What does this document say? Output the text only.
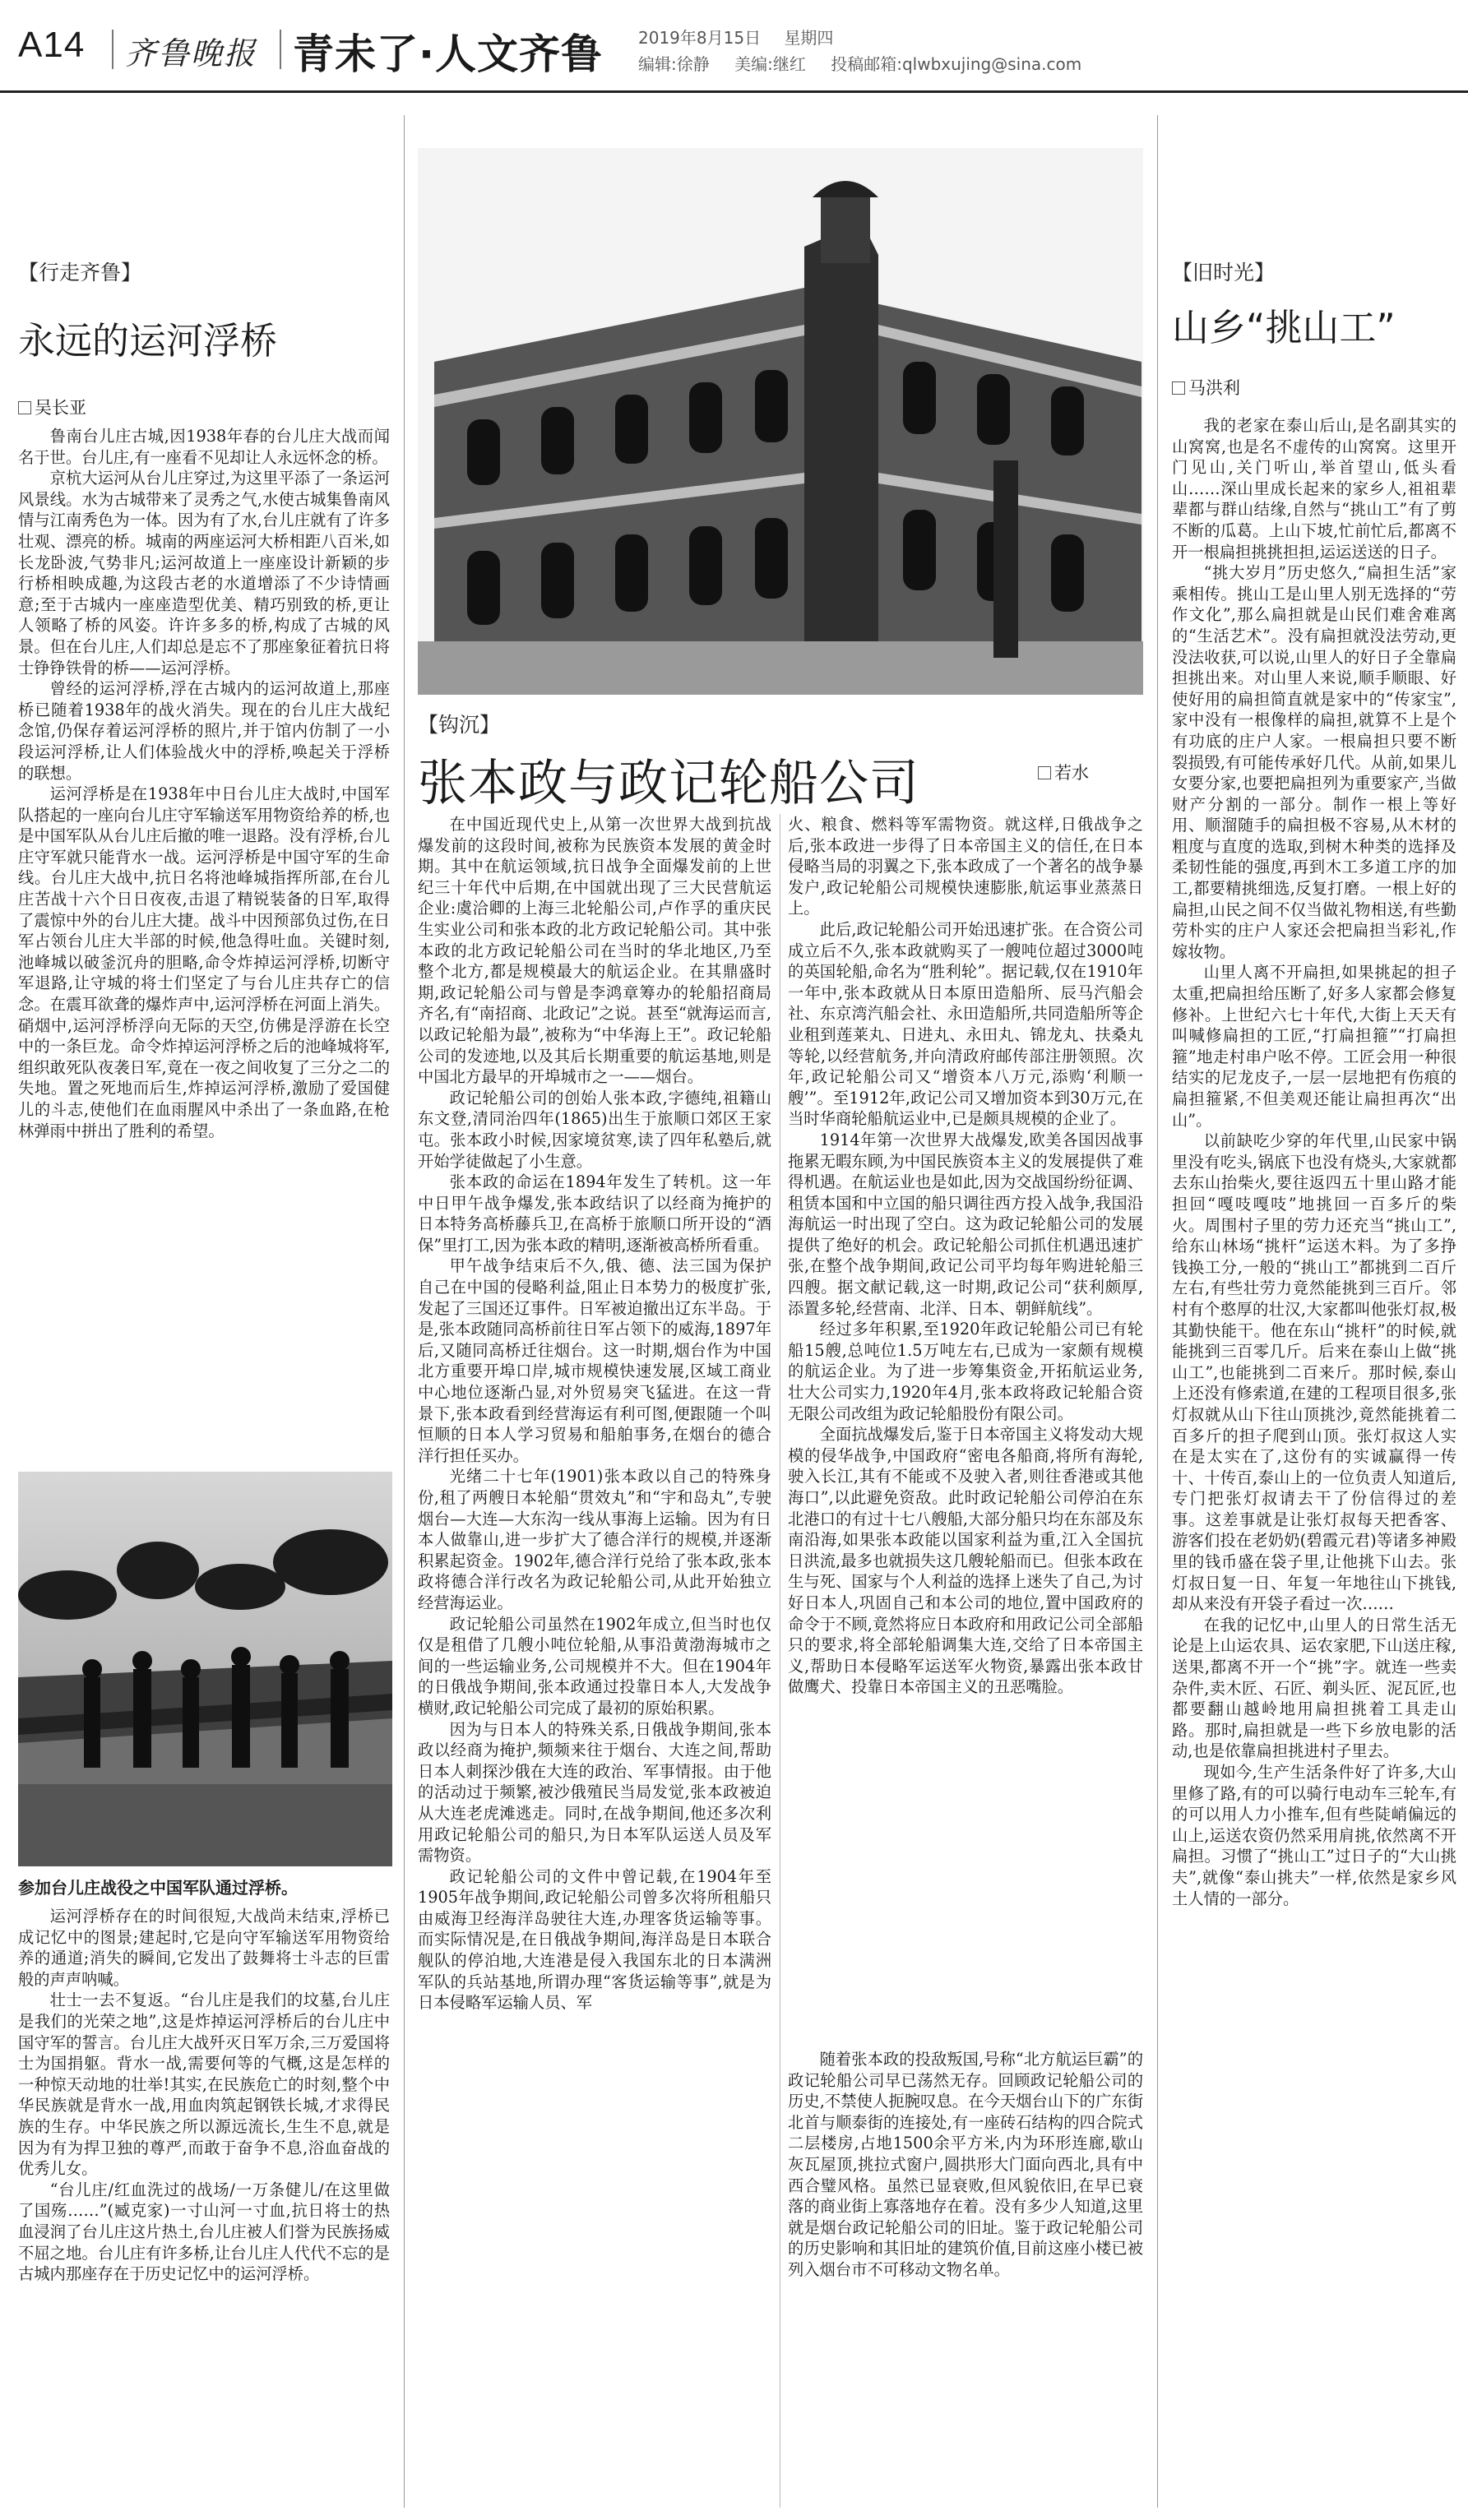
A14 齐鲁晚报 青未了·人文齐鲁 2019年8月15日 星期四
编辑:徐静 美编:继红 投稿邮箱:qlwbxujing@sina.com
【行走齐鲁】
永远的运河浮桥
吴长亚

鲁南台儿庄古城,因1938年春的台儿庄大战而闻名于世。台儿庄,有一座看不见却让人永远怀念的桥。

京杭大运河从台儿庄穿过,为这里平添了一条运河风景线。水为古城带来了灵秀之气,水使古城集鲁南风情与江南秀色为一体。因为有了水,台儿庄就有了许多壮观、漂亮的桥。城南的两座运河大桥相距八百米,如长龙卧波,气势非凡;运河故道上一座座设计新颖的步行桥相映成趣,为这段古老的水道增添了不少诗情画意;至于古城内一座座造型优美、精巧别致的桥,更让人领略了桥的风姿。许许多多的桥,构成了古城的风景。但在台儿庄,人们却总是忘不了那座象征着抗日将士铮铮铁骨的桥——运河浮桥。

曾经的运河浮桥,浮在古城内的运河故道上,那座桥已随着1938年的战火消失。现在的台儿庄大战纪念馆,仍保存着运河浮桥的照片,并于馆内仿制了一小段运河浮桥,让人们体验战火中的浮桥,唤起关于浮桥的联想。

运河浮桥是在1938年中日台儿庄大战时,中国军队搭起的一座向台儿庄守军输送军用物资给养的桥,也是中国军队从台儿庄后撤的唯一退路。没有浮桥,台儿庄守军就只能背水一战。运河浮桥是中国守军的生命线。台儿庄大战中,抗日名将池峰城指挥所部,在台儿庄苦战十六个日日夜夜,击退了精锐装备的日军,取得了震惊中外的台儿庄大捷。战斗中因预部负过伤,在日军占领台儿庄大半部的时候,他急得吐血。关键时刻,池峰城以破釜沉舟的胆略,命令炸掉运河浮桥,切断守军退路,让守城的将士们坚定了与台儿庄共存亡的信念。在震耳欲聋的爆炸声中,运河浮桥在河面上消失。硝烟中,运河浮桥浮向无际的天空,仿佛是浮游在长空中的一条巨龙。命令炸掉运河浮桥之后的池峰城将军,组织敢死队夜袭日军,竟在一夜之间收复了三分之二的失地。置之死地而后生,炸掉运河浮桥,激励了爱国健儿的斗志,使他们在血雨腥风中杀出了一条血路,在枪林弹雨中拼出了胜利的希望。

参加台儿庄战役之中国军队通过浮桥。

运河浮桥存在的时间很短,大战尚未结束,浮桥已成记忆中的图景;建起时,它是向守军输送军用物资给养的通道;消失的瞬间,它发出了鼓舞将士斗志的巨雷般的声声呐喊。

壮士一去不复返。“台儿庄是我们的坟墓,台儿庄是我们的光荣之地”,这是炸掉运河浮桥后的台儿庄中国守军的誓言。台儿庄大战歼灭日军万余,三万爱国将士为国捐躯。背水一战,需要何等的气概,这是怎样的一种惊天动地的壮举!其实,在民族危亡的时刻,整个中华民族就是背水一战,用血肉筑起钢铁长城,才求得民族的生存。中华民族之所以源远流长,生生不息,就是因为有为捍卫独的尊严,而敢于奋争不息,浴血奋战的优秀儿女。

“台儿庄/红血洗过的战场/一万条健儿/在这里做了国殇……”(臧克家)一寸山河一寸血,抗日将士的热血浸润了台儿庄这片热土,台儿庄被人们誉为民族扬威不屈之地。台儿庄有许多桥,让台儿庄人代代不忘的是古城内那座存在于历史记忆中的运河浮桥。

【钩沉】
张本政与政记轮船公司	若水

在中国近现代史上,从第一次世界大战到抗战爆发前的这段时间,被称为民族资本发展的黄金时期。其中在航运领域,抗日战争全面爆发前的上世纪三十年代中后期,在中国就出现了三大民营航运企业:虞洽卿的上海三北轮船公司,卢作孚的重庆民生实业公司和张本政的北方政记轮船公司。其中张本政的北方政记轮船公司在当时的华北地区,乃至整个北方,都是规模最大的航运企业。在其鼎盛时期,政记轮船公司与曾是李鸿章筹办的轮船招商局齐名,有“南招商、北政记”之说。甚至“就海运而言,以政记轮船为最”,被称为“中华海上王”。政记轮船公司的发迹地,以及其后长期重要的航运基地,则是中国北方最早的开埠城市之一——烟台。

政记轮船公司的创始人张本政,字德纯,祖籍山东文登,清同治四年(1865)出生于旅顺口郊区王家屯。张本政小时候,因家境贫寒,读了四年私塾后,就开始学徒做起了小生意。

张本政的命运在1894年发生了转机。这一年中日甲午战争爆发,张本政结识了以经商为掩护的日本特务高桥藤兵卫,在高桥于旅顺口所开设的“酒保”里打工,因为张本政的精明,逐渐被高桥所看重。

甲午战争结束后不久,俄、德、法三国为保护自己在中国的侵略利益,阻止日本势力的极度扩张,发起了三国还辽事件。日军被迫撤出辽东半岛。于是,张本政随同高桥前往日军占领下的威海,1897年后,又随同高桥迁往烟台。这一时期,烟台作为中国北方重要开埠口岸,城市规模快速发展,区域工商业中心地位逐渐凸显,对外贸易突飞猛进。在这一背景下,张本政看到经营海运有利可图,便跟随一个叫恒顺的日本人学习贸易和船舶事务,在烟台的德合洋行担任买办。

光绪二十七年(1901)张本政以自己的特殊身份,租了两艘日本轮船“贯效丸”和“宇和岛丸”,专驶烟台—大连—大东沟一线从事海上运输。因为有日本人做靠山,进一步扩大了德合洋行的规模,并逐渐积累起资金。1902年,德合洋行兑给了张本政,张本政将德合洋行改名为政记轮船公司,从此开始独立经营海运业。

政记轮船公司虽然在1902年成立,但当时也仅仅是租借了几艘小吨位轮船,从事沿黄渤海城市之间的一些运输业务,公司规模并不大。但在1904年的日俄战争期间,张本政通过投靠日本人,大发战争横财,政记轮船公司完成了最初的原始积累。

因为与日本人的特殊关系,日俄战争期间,张本政以经商为掩护,频频来往于烟台、大连之间,帮助日本人刺探沙俄在大连的政治、军事情报。由于他的活动过于频繁,被沙俄殖民当局发觉,张本政被迫从大连老虎滩逃走。同时,在战争期间,他还多次利用政记轮船公司的船只,为日本军队运送人员及军需物资。

政记轮船公司的文件中曾记载,在1904年至1905年战争期间,政记轮船公司曾多次将所租船只由威海卫经海洋岛驶往大连,办理客货运输等事。而实际情况是,在日俄战争期间,海洋岛是日本联合舰队的停泊地,大连港是侵入我国东北的日本满洲军队的兵站基地,所谓办理“客货运输等事”,就是为日本侵略军运输人员、军

火、粮食、燃料等军需物资。就这样,日俄战争之后,张本政进一步得了日本帝国主义的信任,在日本侵略当局的羽翼之下,张本政成了一个著名的战争暴发户,政记轮船公司规模快速膨胀,航运事业蒸蒸日上。

此后,政记轮船公司开始迅速扩张。在合资公司成立后不久,张本政就购买了一艘吨位超过3000吨的英国轮船,命名为“胜利轮”。据记载,仅在1910年一年中,张本政就从日本原田造船所、辰马汽船会社、东京湾汽船会社、永田造船所,共同造船所等企业租到莲莱丸、日进丸、永田丸、锦龙丸、扶桑丸等轮,以经营航务,并向清政府邮传部注册领照。次年,政记轮船公司又“增资本八万元,添购‘利顺一艘’”。至1912年,政记公司又增加资本到30万元,在当时华商轮船航运业中,已是颇具规模的企业了。

1914年第一次世界大战爆发,欧美各国因战事拖累无暇东顾,为中国民族资本主义的发展提供了难得机遇。在航运业也是如此,因为交战国纷纷征调、租赁本国和中立国的船只调往西方投入战争,我国沿海航运一时出现了空白。这为政记轮船公司的发展提供了绝好的机会。政记轮船公司抓住机遇迅速扩张,在整个战争期间,政记公司平均每年购进轮船三四艘。据文献记载,这一时期,政记公司“获利颇厚,添置多轮,经营南、北洋、日本、朝鲜航线”。

经过多年积累,至1920年政记轮船公司已有轮船15艘,总吨位1.5万吨左右,已成为一家颇有规模的航运企业。为了进一步筹集资金,开拓航运业务,壮大公司实力,1920年4月,张本政将政记轮船合资无限公司改组为政记轮船股份有限公司。

全面抗战爆发后,鉴于日本帝国主义将发动大规模的侵华战争,中国政府“密电各船商,将所有海轮,驶入长江,其有不能或不及驶入者,则往香港或其他海口”,以此避免资敌。此时政记轮船公司停泊在东北港口的有过十七八艘船,大部分船只均在东部及东南沿海,如果张本政能以国家利益为重,江入全国抗日洪流,最多也就损失这几艘轮船而已。但张本政在生与死、国家与个人利益的选择上迷失了自己,为讨好日本人,巩固自己和本公司的地位,置中国政府的命令于不顾,竟然将应日本政府和用政记公司全部船只的要求,将全部轮船调集大连,交给了日本帝国主义,帮助日本侵略军运送军火物资,暴露出张本政甘做鹰犬、投靠日本帝国主义的丑恶嘴脸。

随着张本政的投敌叛国,号称“北方航运巨霸”的政记轮船公司早已荡然无存。回顾政记轮船公司的历史,不禁使人扼腕叹息。在今天烟台山下的广东街北首与顺泰街的连接处,有一座砖石结构的四合院式二层楼房,占地1500余平方米,内为环形连廊,歇山灰瓦屋顶,挑拉式窗户,圆拱形大门面向西北,具有中西合璧风格。虽然已显衰败,但风貌依旧,在早已衰落的商业街上寡落地存在着。没有多少人知道,这里就是烟台政记轮船公司的旧址。鉴于政记轮船公司的历史影响和其旧址的建筑价值,目前这座小楼已被列入烟台市不可移动文物名单。

【旧时光】
山乡“挑山工”
马洪利

我的老家在泰山后山,是名副其实的山窝窝,也是名不虚传的山窝窝。这里开门见山,关门听山,举首望山,低头看山……深山里成长起来的家乡人,祖祖辈辈都与群山结缘,自然与“挑山工”有了剪不断的瓜葛。上山下坡,忙前忙后,都离不开一根扁担挑挑担担,运运送送的日子。

“挑大岁月”历史悠久,“扁担生活”家乘相传。挑山工是山里人别无选择的“劳作文化”,那么扁担就是山民们难舍难离的“生活艺术”。没有扁担就没法劳动,更没法收获,可以说,山里人的好日子全靠扁担挑出来。对山里人来说,顺手顺眼、好使好用的扁担简直就是家中的“传家宝”,家中没有一根像样的扁担,就算不上是个有功底的庄户人家。一根扁担只要不断裂损毁,有可能传承好几代。从前,如果儿女要分家,也要把扁担列为重要家产,当做财产分割的一部分。制作一根上等好用、顺溜随手的扁担极不容易,从木材的粗度与直度的选取,到树木种类的选择及柔韧性能的强度,再到木工多道工序的加工,都要精挑细选,反复打磨。一根上好的扁担,山民之间不仅当做礼物相送,有些勤劳朴实的庄户人家还会把扁担当彩礼,作嫁妆物。

山里人离不开扁担,如果挑起的担子太重,把扁担给压断了,好多人家都会修复修补。上世纪六七十年代,大街上天天有叫喊修扁担的工匠,“打扁担箍”“打扁担箍”地走村串户吆不停。工匠会用一种很结实的尼龙皮子,一层一层地把有伤痕的扁担箍紧,不但美观还能让扁担再次“出山”。

以前缺吃少穿的年代里,山民家中锅里没有吃头,锅底下也没有烧头,大家就都去东山抬柴火,要往返四五十里山路才能担回“嘎吱嘎吱”地挑回一百多斤的柴火。周围村子里的劳力还充当“挑山工”,给东山林场“挑杆”运送木料。为了多挣钱换工分,一般的“挑山工”都挑到二百斤左右,有些壮劳力竟然能挑到三百斤。邻村有个憨厚的壮汉,大家都叫他张灯叔,极其勤快能干。他在东山“挑杆”的时候,就能挑到三百零几斤。后来在泰山上做“挑山工”,也能挑到二百来斤。那时候,泰山上还没有修索道,在建的工程项目很多,张灯叔就从山下往山顶挑沙,竟然能挑着二百多斤的担子爬到山顶。张灯叔这人实在是太实在了,这份有的实诚赢得一传十、十传百,泰山上的一位负责人知道后,专门把张灯叔请去干了份信得过的差事。这差事就是让张灯叔每天把香客、游客们投在老奶奶(碧霞元君)等诸多神殿里的钱币盛在袋子里,让他挑下山去。张灯叔日复一日、年复一年地往山下挑钱,却从来没有开袋子看过一次……

在我的记忆中,山里人的日常生活无论是上山运农具、运农家肥,下山送庄稼,送果,都离不开一个“挑”字。就连一些卖杂件,卖木匠、石匠、剃头匠、泥瓦匠,也都要翻山越岭地用扁担挑着工具走山路。那时,扁担就是一些下乡放电影的活动,也是依靠扁担挑进村子里去。

现如今,生产生活条件好了许多,大山里修了路,有的可以骑行电动车三轮车,有的可以用人力小推车,但有些陡峭偏远的山上,运送农资仍然采用肩挑,依然离不开扁担。习惯了“挑山工”过日子的“大山挑夫”,就像“泰山挑夫”一样,依然是家乡风土人情的一部分。
